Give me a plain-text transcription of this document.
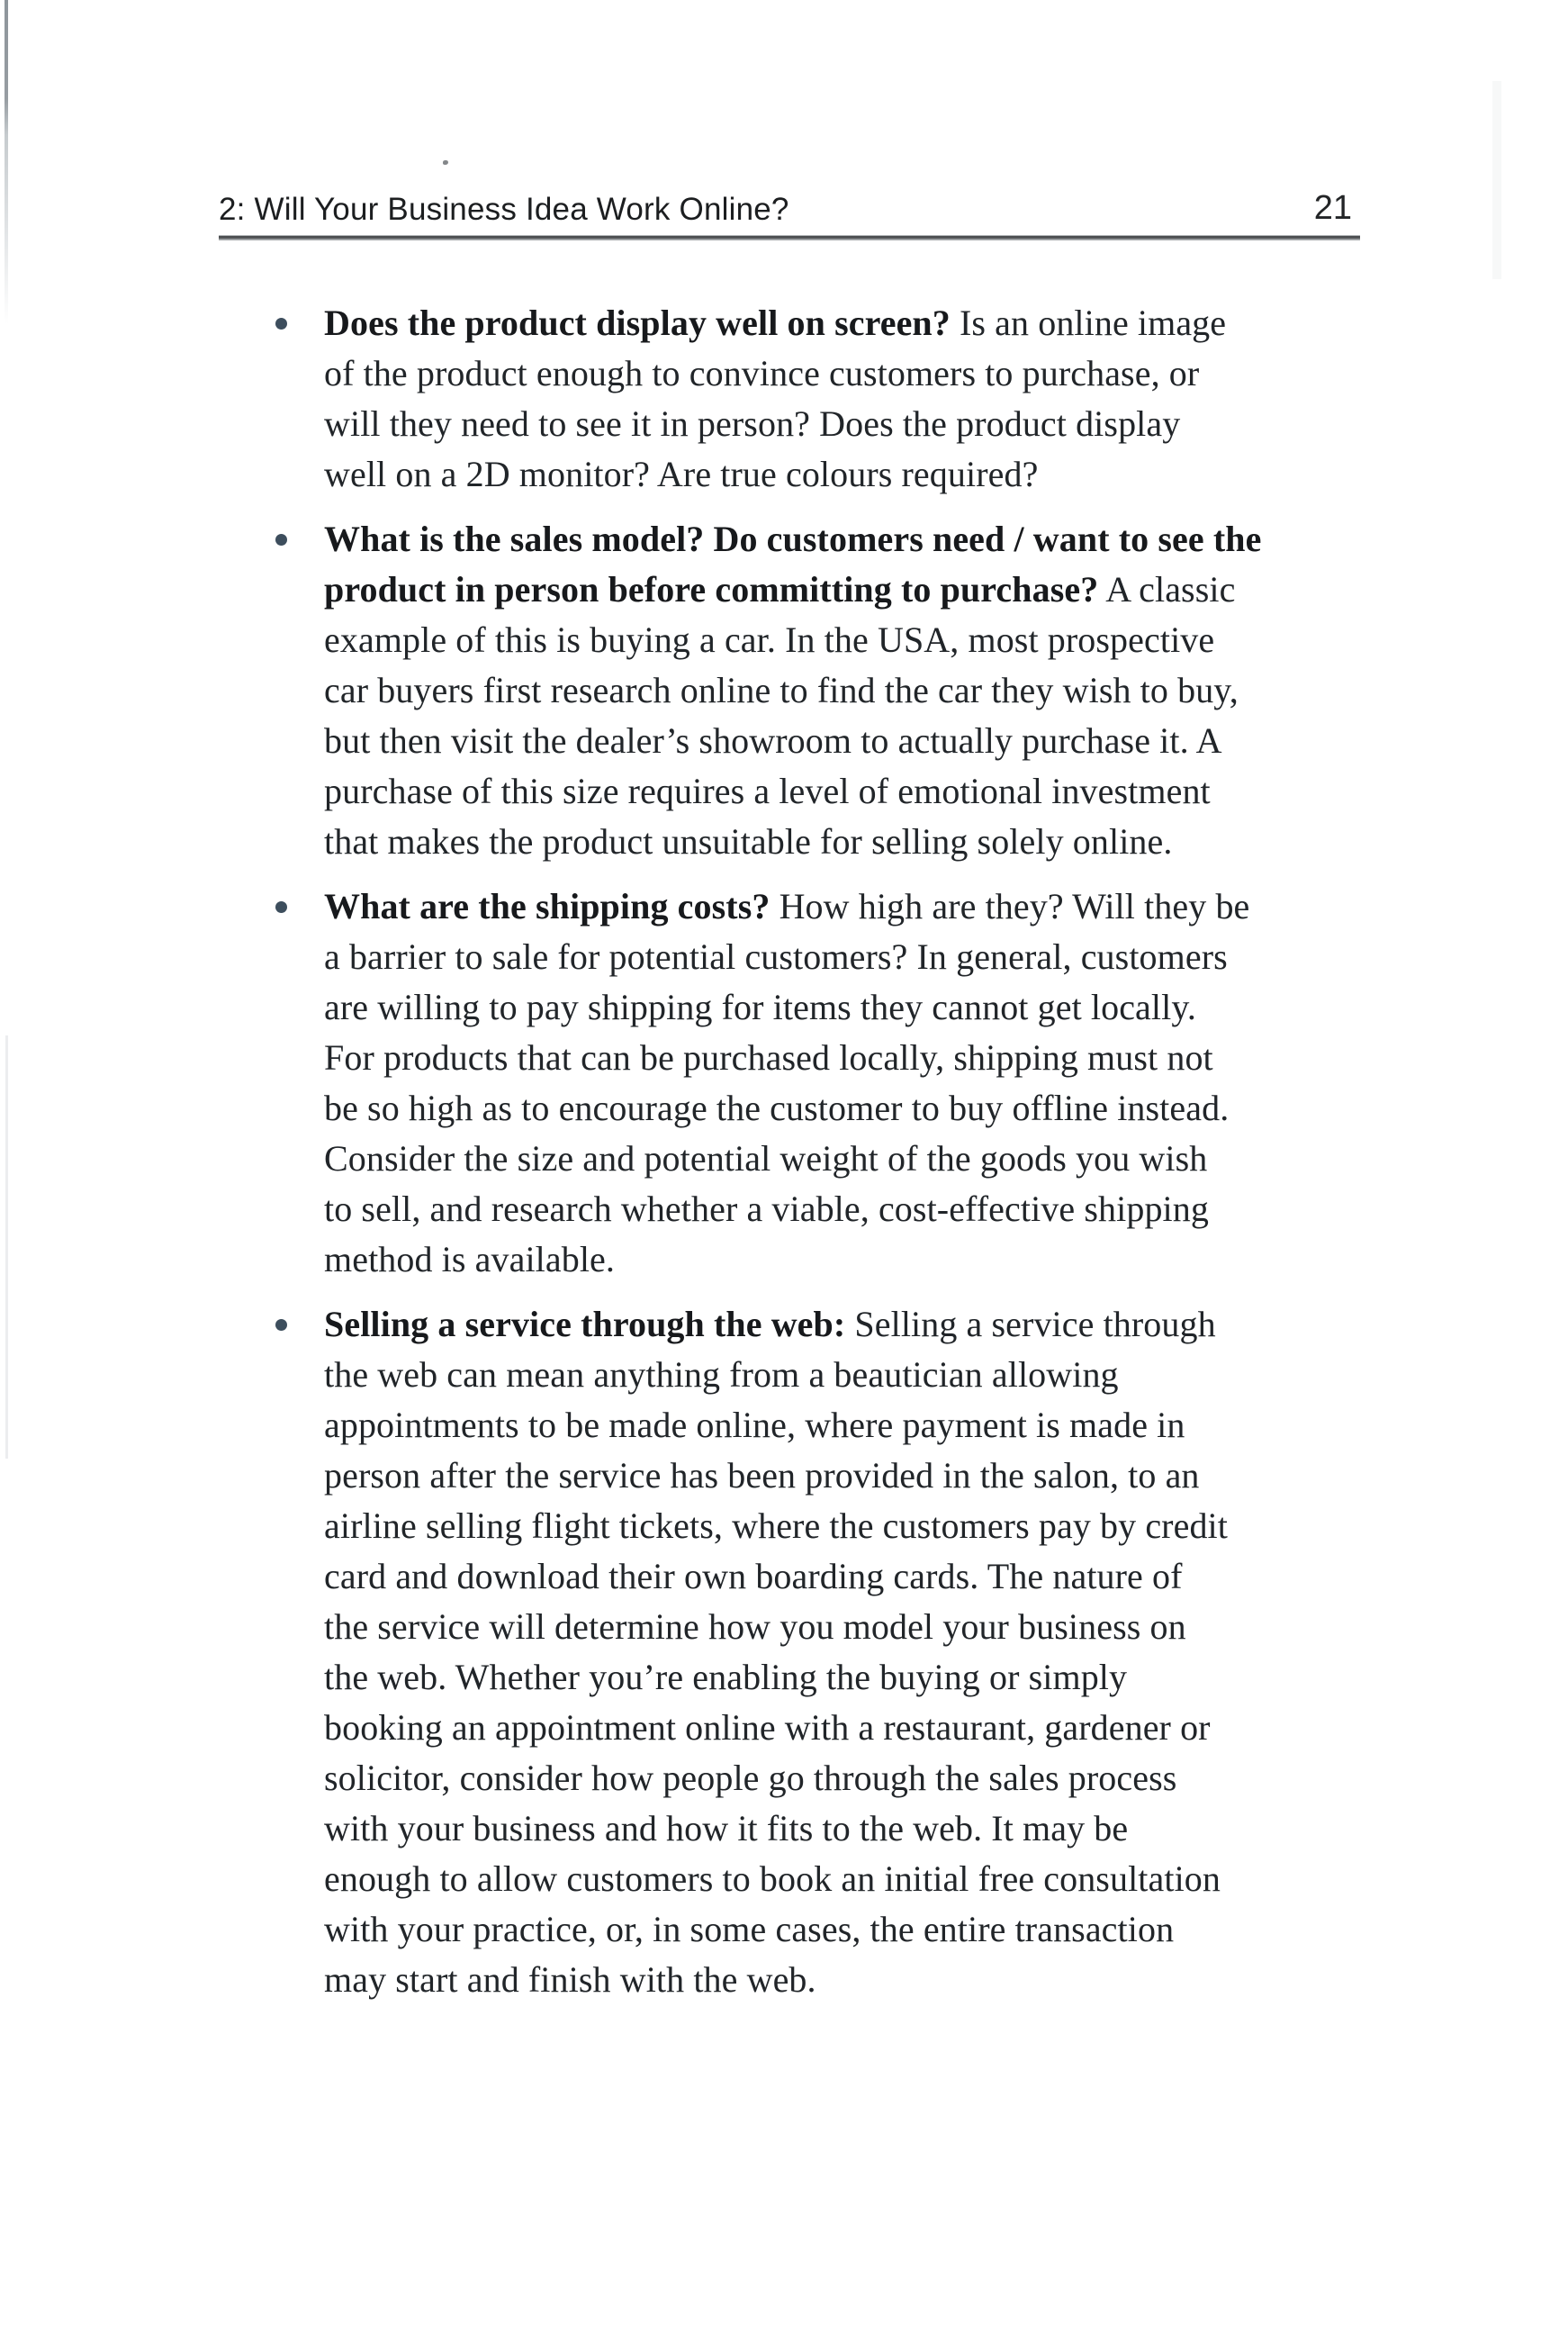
2: Will Your Business Idea Work Online?	21
Does the product display well on screen? Is an online image
of the product enough to convince customers to purchase, or
will they need to see it in person? Does the product display
well on a 2D monitor? Are true colours required?
What is the sales model? Do customers need / want to see the
product in person before committing to purchase? A classic
example of this is buying a car. In the USA, most prospective
car buyers first research online to find the car they wish to buy,
but then visit the dealer’s showroom to actually purchase it. A
purchase of this size requires a level of emotional investment
that makes the product unsuitable for selling solely online.
What are the shipping costs? How high are they? Will they be
a barrier to sale for potential customers? In general, customers
are willing to pay shipping for items they cannot get locally.
For products that can be purchased locally, shipping must not
be so high as to encourage the customer to buy offline instead.
Consider the size and potential weight of the goods you wish
to sell, and research whether a viable, cost-effective shipping
method is available.
Selling a service through the web: Selling a service through
the web can mean anything from a beautician allowing
appointments to be made online, where payment is made in
person after the service has been provided in the salon, to an
airline selling flight tickets, where the customers pay by credit
card and download their own boarding cards. The nature of
the service will determine how you model your business on
the web. Whether you’re enabling the buying or simply
booking an appointment online with a restaurant, gardener or
solicitor, consider how people go through the sales process
with your business and how it fits to the web. It may be
enough to allow customers to book an initial free consultation
with your practice, or, in some cases, the entire transaction
may start and finish with the web.
